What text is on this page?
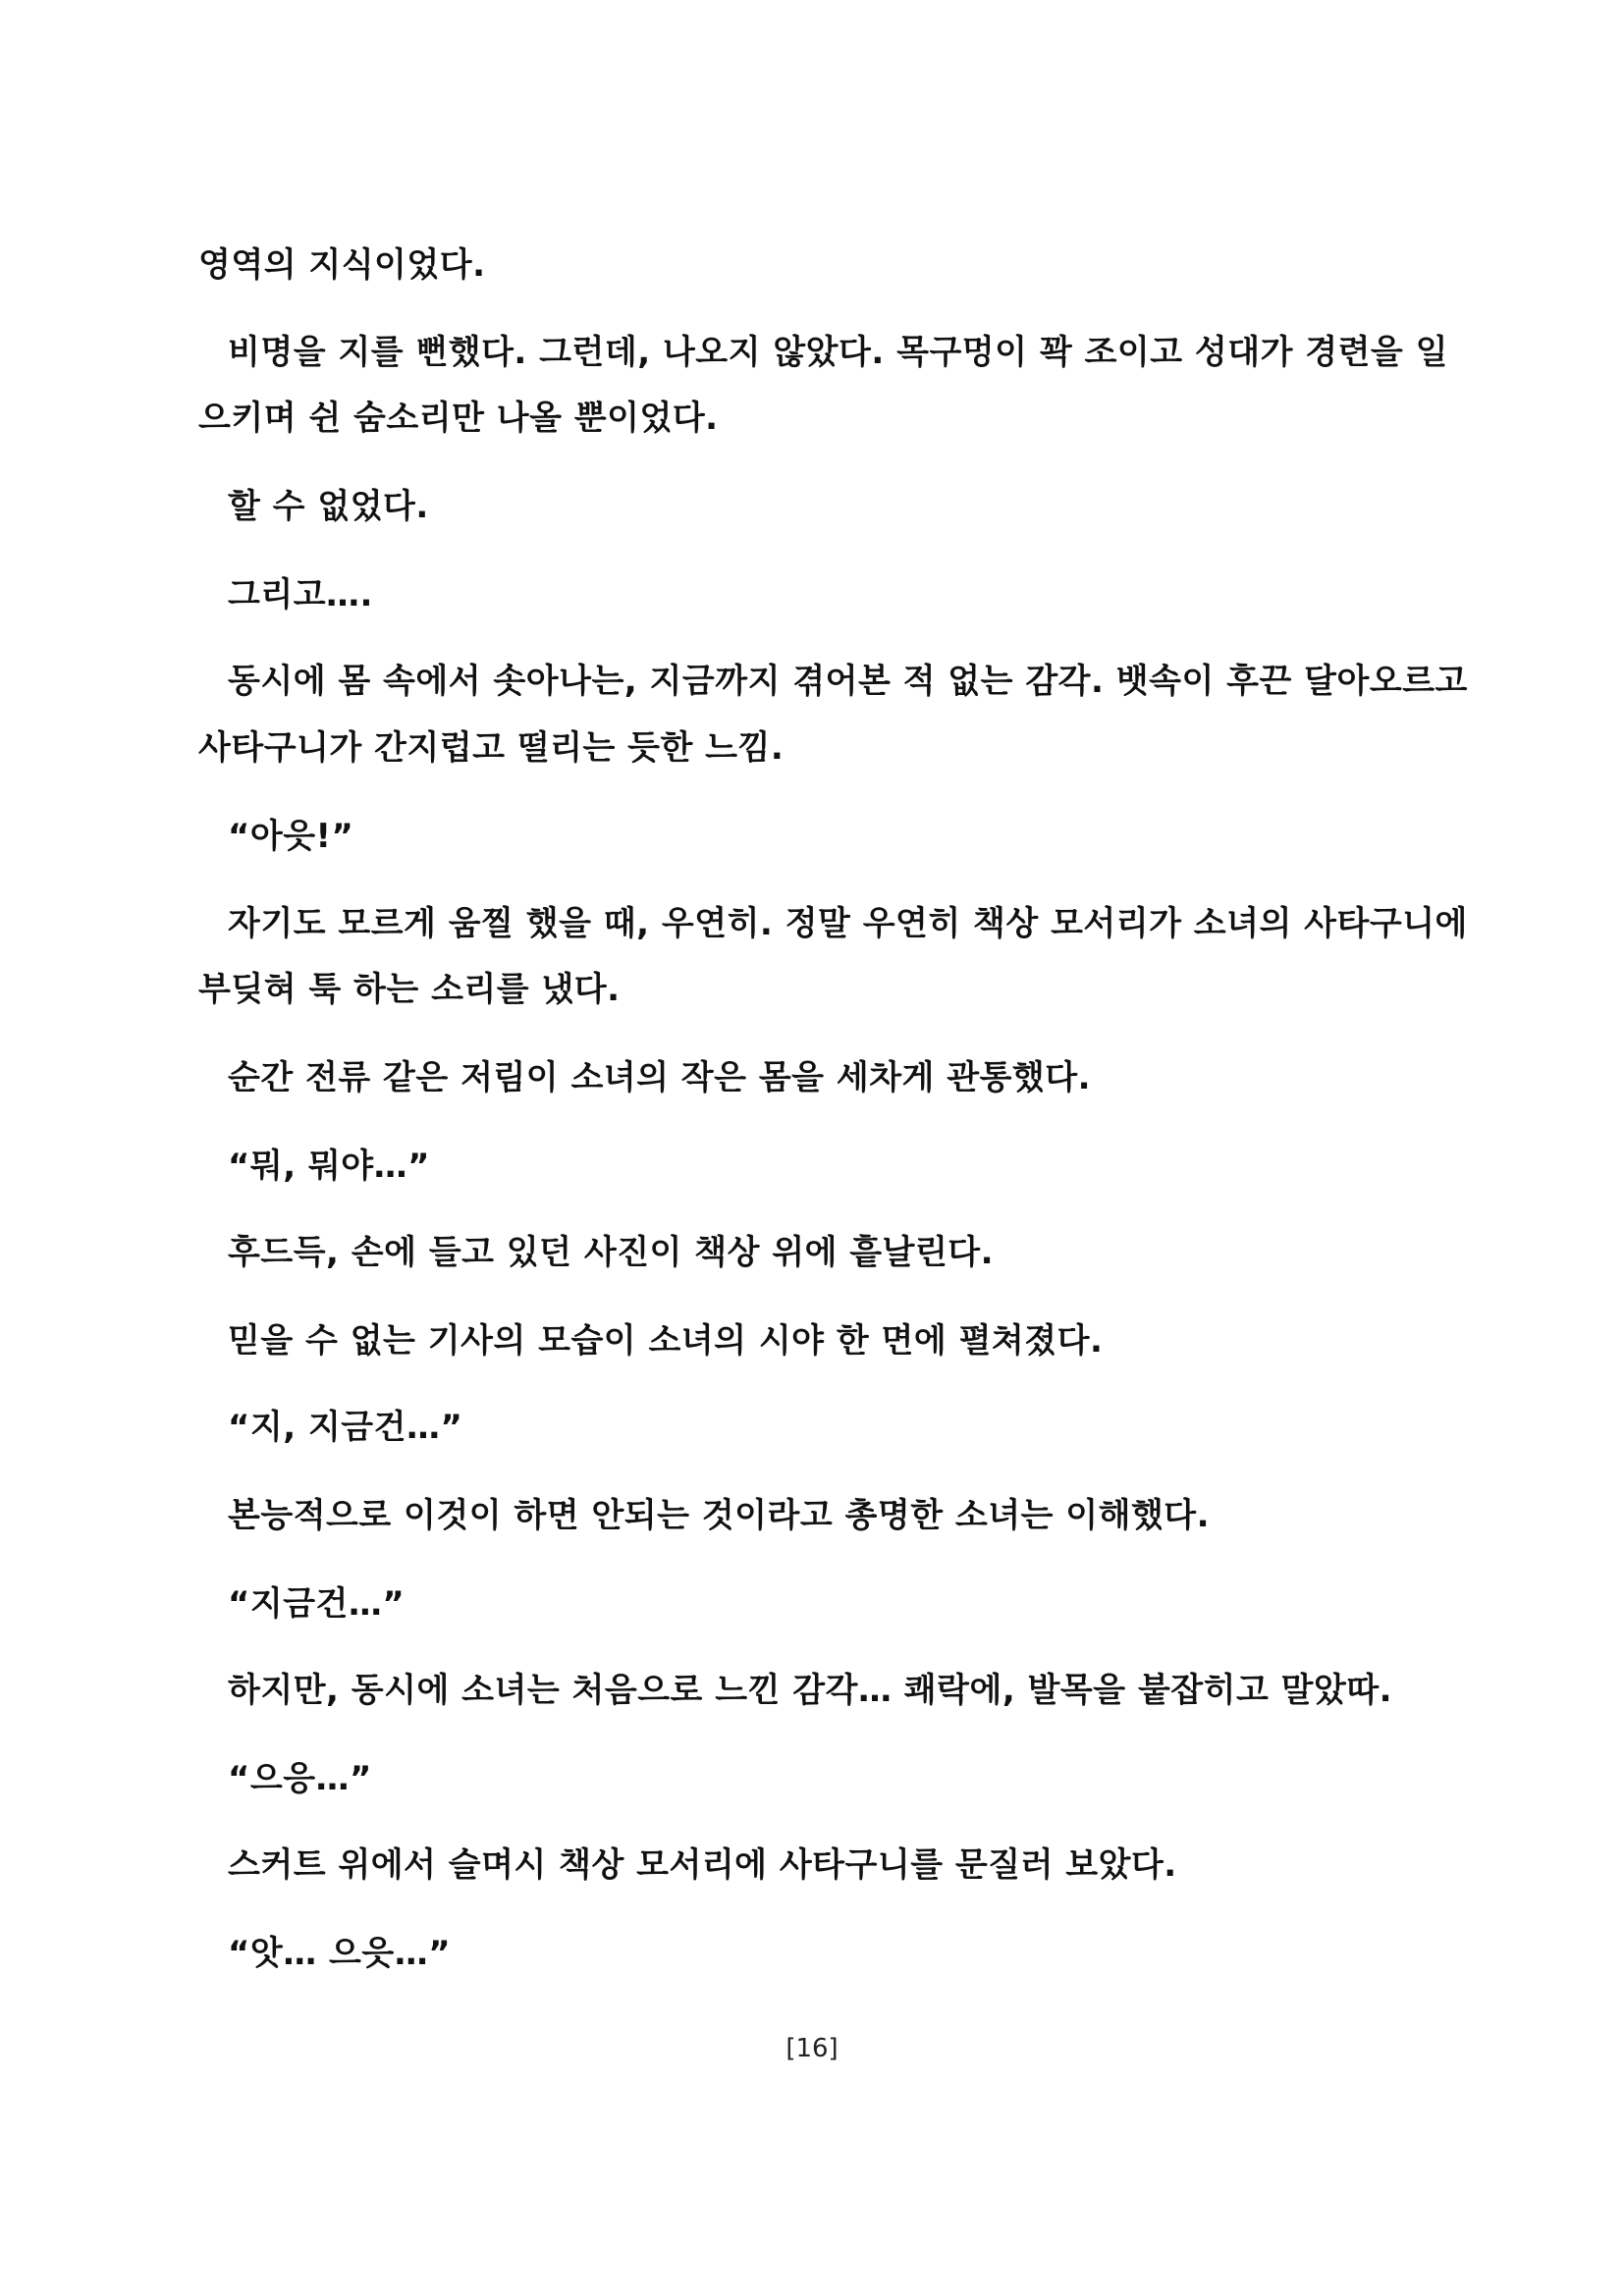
영역의 지식이었다.
비명을 지를 뻔했다. 그런데, 나오지 않았다. 목구멍이 꽉 조이고 성대가 경련을 일
으키며 쉰 숨소리만 나올 뿐이었다.
할 수 없었다.
그리고….
동시에 몸 속에서 솟아나는, 지금까지 겪어본 적 없는 감각. 뱃속이 후끈 달아오르고
사타구니가 간지럽고 떨리는 듯한 느낌.
“아읏!”
자기도 모르게 움찔 했을 때, 우연히. 정말 우연히 책상 모서리가 소녀의 사타구니에
부딪혀 툭 하는 소리를 냈다.
순간 전류 같은 저림이 소녀의 작은 몸을 세차게 관통했다.
“뭐, 뭐야…”
후드득, 손에 들고 있던 사진이 책상 위에 흩날린다.
믿을 수 없는 기사의 모습이 소녀의 시야 한 면에 펼쳐졌다.
“지, 지금건…”
본능적으로 이것이 하면 안되는 것이라고 총명한 소녀는 이해했다.
“지금건…”
하지만, 동시에 소녀는 처음으로 느낀 감각… 쾌락에, 발목을 붙잡히고 말았따.
“으응…”
스커트 위에서 슬며시 책상 모서리에 사타구니를 문질러 보았다.
“앗… 으읏…”
[16]
